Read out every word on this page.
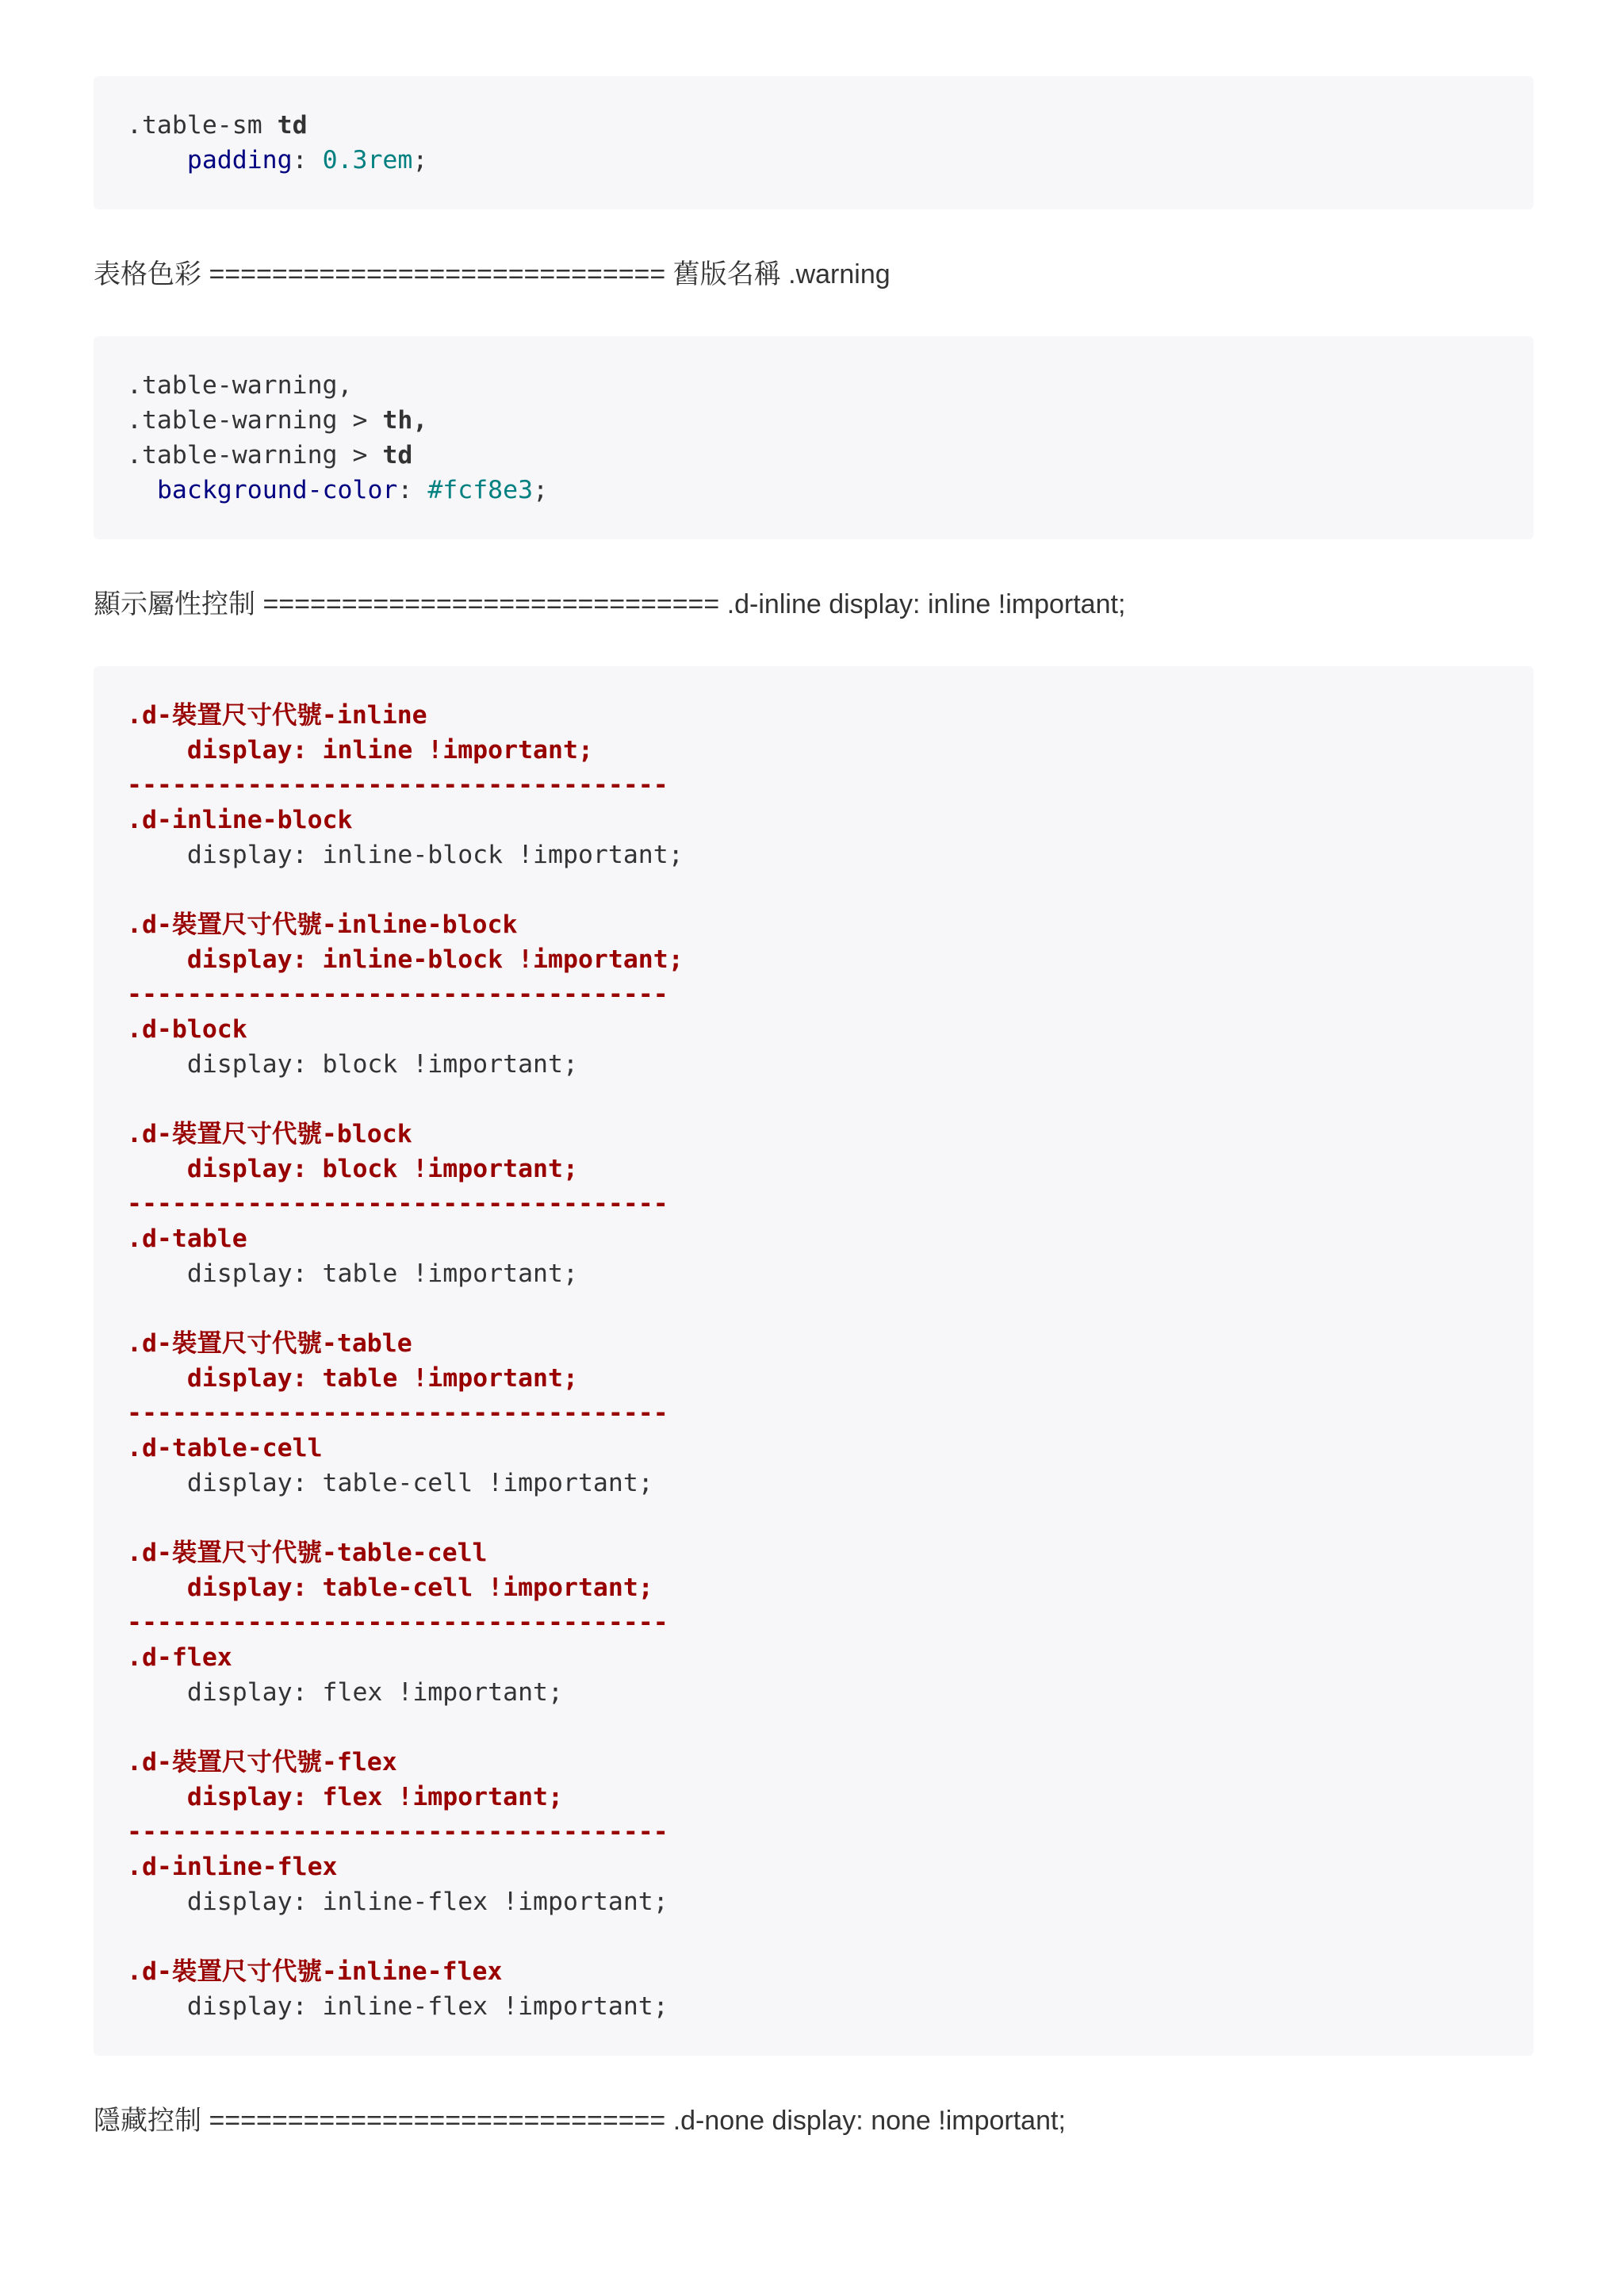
.table-sm td
padding: 0.3rem;

表格色彩 ============================= 舊版名稱 .warning

.table-warning,
.table-warning > th,
.table-warning > td
background-color: #fcf8e3;

顯示屬性控制 ============================= .d-inline display: inline !important;

.d-裝置尺寸代號-inline
display: inline !important;
------------------------------------
.d-inline-block
display: inline-block !important;
.d-裝置尺寸代號-inline-block
display: inline-block !important;
------------------------------------
.d-block
display: block !important;
.d-裝置尺寸代號-block
display: block !important;
------------------------------------
.d-table
display: table !important;
.d-裝置尺寸代號-table
display: table !important;
------------------------------------
.d-table-cell
display: table-cell !important;
.d-裝置尺寸代號-table-cell
display: table-cell !important;
------------------------------------
.d-flex
display: flex !important;
.d-裝置尺寸代號-flex
display: flex !important;
------------------------------------
.d-inline-flex
display: inline-flex !important;
.d-裝置尺寸代號-inline-flex
display: inline-flex !important;

隱藏控制 ============================= .d-none display: none !important;
